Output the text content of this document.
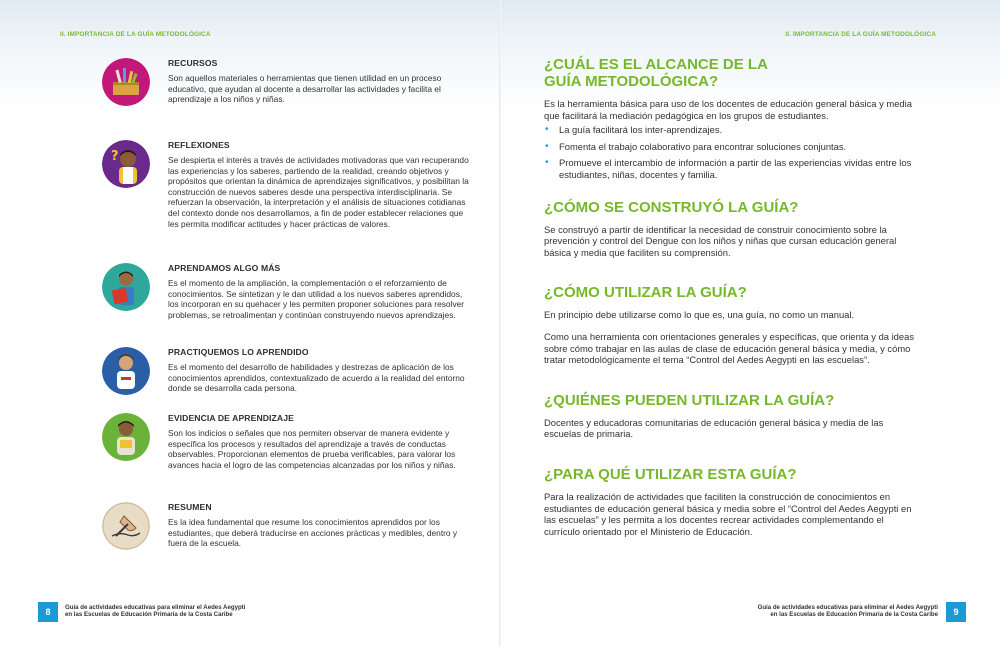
II. IMPORTANCIA DE LA GUÍA METODOLÓGICA	II. IMPORTANCIA DE LA GUÍA METODOLÓGICA
RECURSOS

Son aquellos materiales o herramientas que tienen utilidad en un proceso educativo, que ayudan al docente a desarrollar las actividades y facilita el aprendizaje a los niños y niñas.

?
REFLEXIONES

Se despierta el interés a través de actividades motivadoras que van recuperando las experiencias y los saberes, partiendo de la realidad, creando objetivos y propósitos que orientan la dinámica de aprendizajes significativos, y posibilitan la construcción de nuevos saberes desde una perspectiva interdisciplinaria. Se refuerzan la observación, la interpretación y el análisis de situaciones cotidianas del contexto donde nos desarrollamos, a fin de poder establecer relaciones que les permita modificar actitudes y hacer prácticas de valores.

APRENDAMOS ALGO MÁS

Es el momento de la ampliación, la complementación o el reforzamiento de conocimientos. Se sintetizan y le dan utilidad a los nuevos saberes aprendidos, los incorporan en su quehacer y les permiten proponer soluciones para resolver problemas, se retroalimentan y continúan construyendo nuevos aprendizajes.

PRACTIQUEMOS LO APRENDIDO

Es el momento del desarrollo de habilidades y destrezas de aplicación de los conocimientos aprendidos, contextualizado de acuerdo a la realidad del entorno donde se desarrolla cada persona.

EVIDENCIA DE APRENDIZAJE

Son los indicios o señales que nos permiten observar de manera evidente y específica los procesos y resultados del aprendizaje a través de conductas observables. Proporcionan elementos de prueba verificables, para valorar los avances hacia el logro de las competencias alcanzadas por los niños y niñas.

RESUMEN

Es la idea fundamental que resume los conocimientos aprendidos por los estudiantes, que deberá traducirse en acciones prácticas y medibles, dentro y fuera de la escuela.

¿CUÁL ES EL ALCANCE DE LA GUÍA METODOLÓGICA?

Es la herramienta básica para uso de los docentes de educación general básica y media que facilitará la mediación pedagógica en los grupos de estudiantes.

• La guía facilitará los inter-aprendizajes.
• Fomenta el trabajo colaborativo para encontrar soluciones conjuntas.
• Promueve el intercambio de información a partir de las experiencias vividas entre los estudiantes, niñas, docentes y familia.
¿CÓMO SE CONSTRUYÓ LA GUÍA?

Se construyó a partir de identificar la necesidad de construir conocimiento sobre la prevención y control del Dengue con los niños y niñas que cursan educación general básica y media que faciliten su comprensión.

¿CÓMO UTILIZAR LA GUÍA?

En principio debe utilizarse como lo que es, una guía, no como un manual.

Como una herramienta con orientaciones generales y específicas, que orienta y da ideas sobre cómo trabajar en las aulas de clase de educación general básica y media, y cómo tratar metodológicamente el tema “Control del Aedes Aegypti en las escuelas”.

¿QUIÉNES PUEDEN UTILIZAR LA GUÍA?

Docentes y educadoras comunitarias de educación general básica y media de las escuelas de primaria.

¿PARA QUÉ UTILIZAR ESTA GUÍA?

Para la realización de actividades que faciliten la construcción de conocimientos en estudiantes de educación general básica y media sobre el “Control del Aedes Aegypti en las escuelas” y les permita a los docentes recrear actividades complementando el currículo orientado por el Ministerio de Educación.

8	Guía de actividades educativas para eliminar el Aedes Aegypti
en las Escuelas de Educación Primaria de la Costa Caribe
Guía de actividades educativas para eliminar el Aedes Aegypti
en las Escuelas de Educación Primaria de la Costa Caribe	9
